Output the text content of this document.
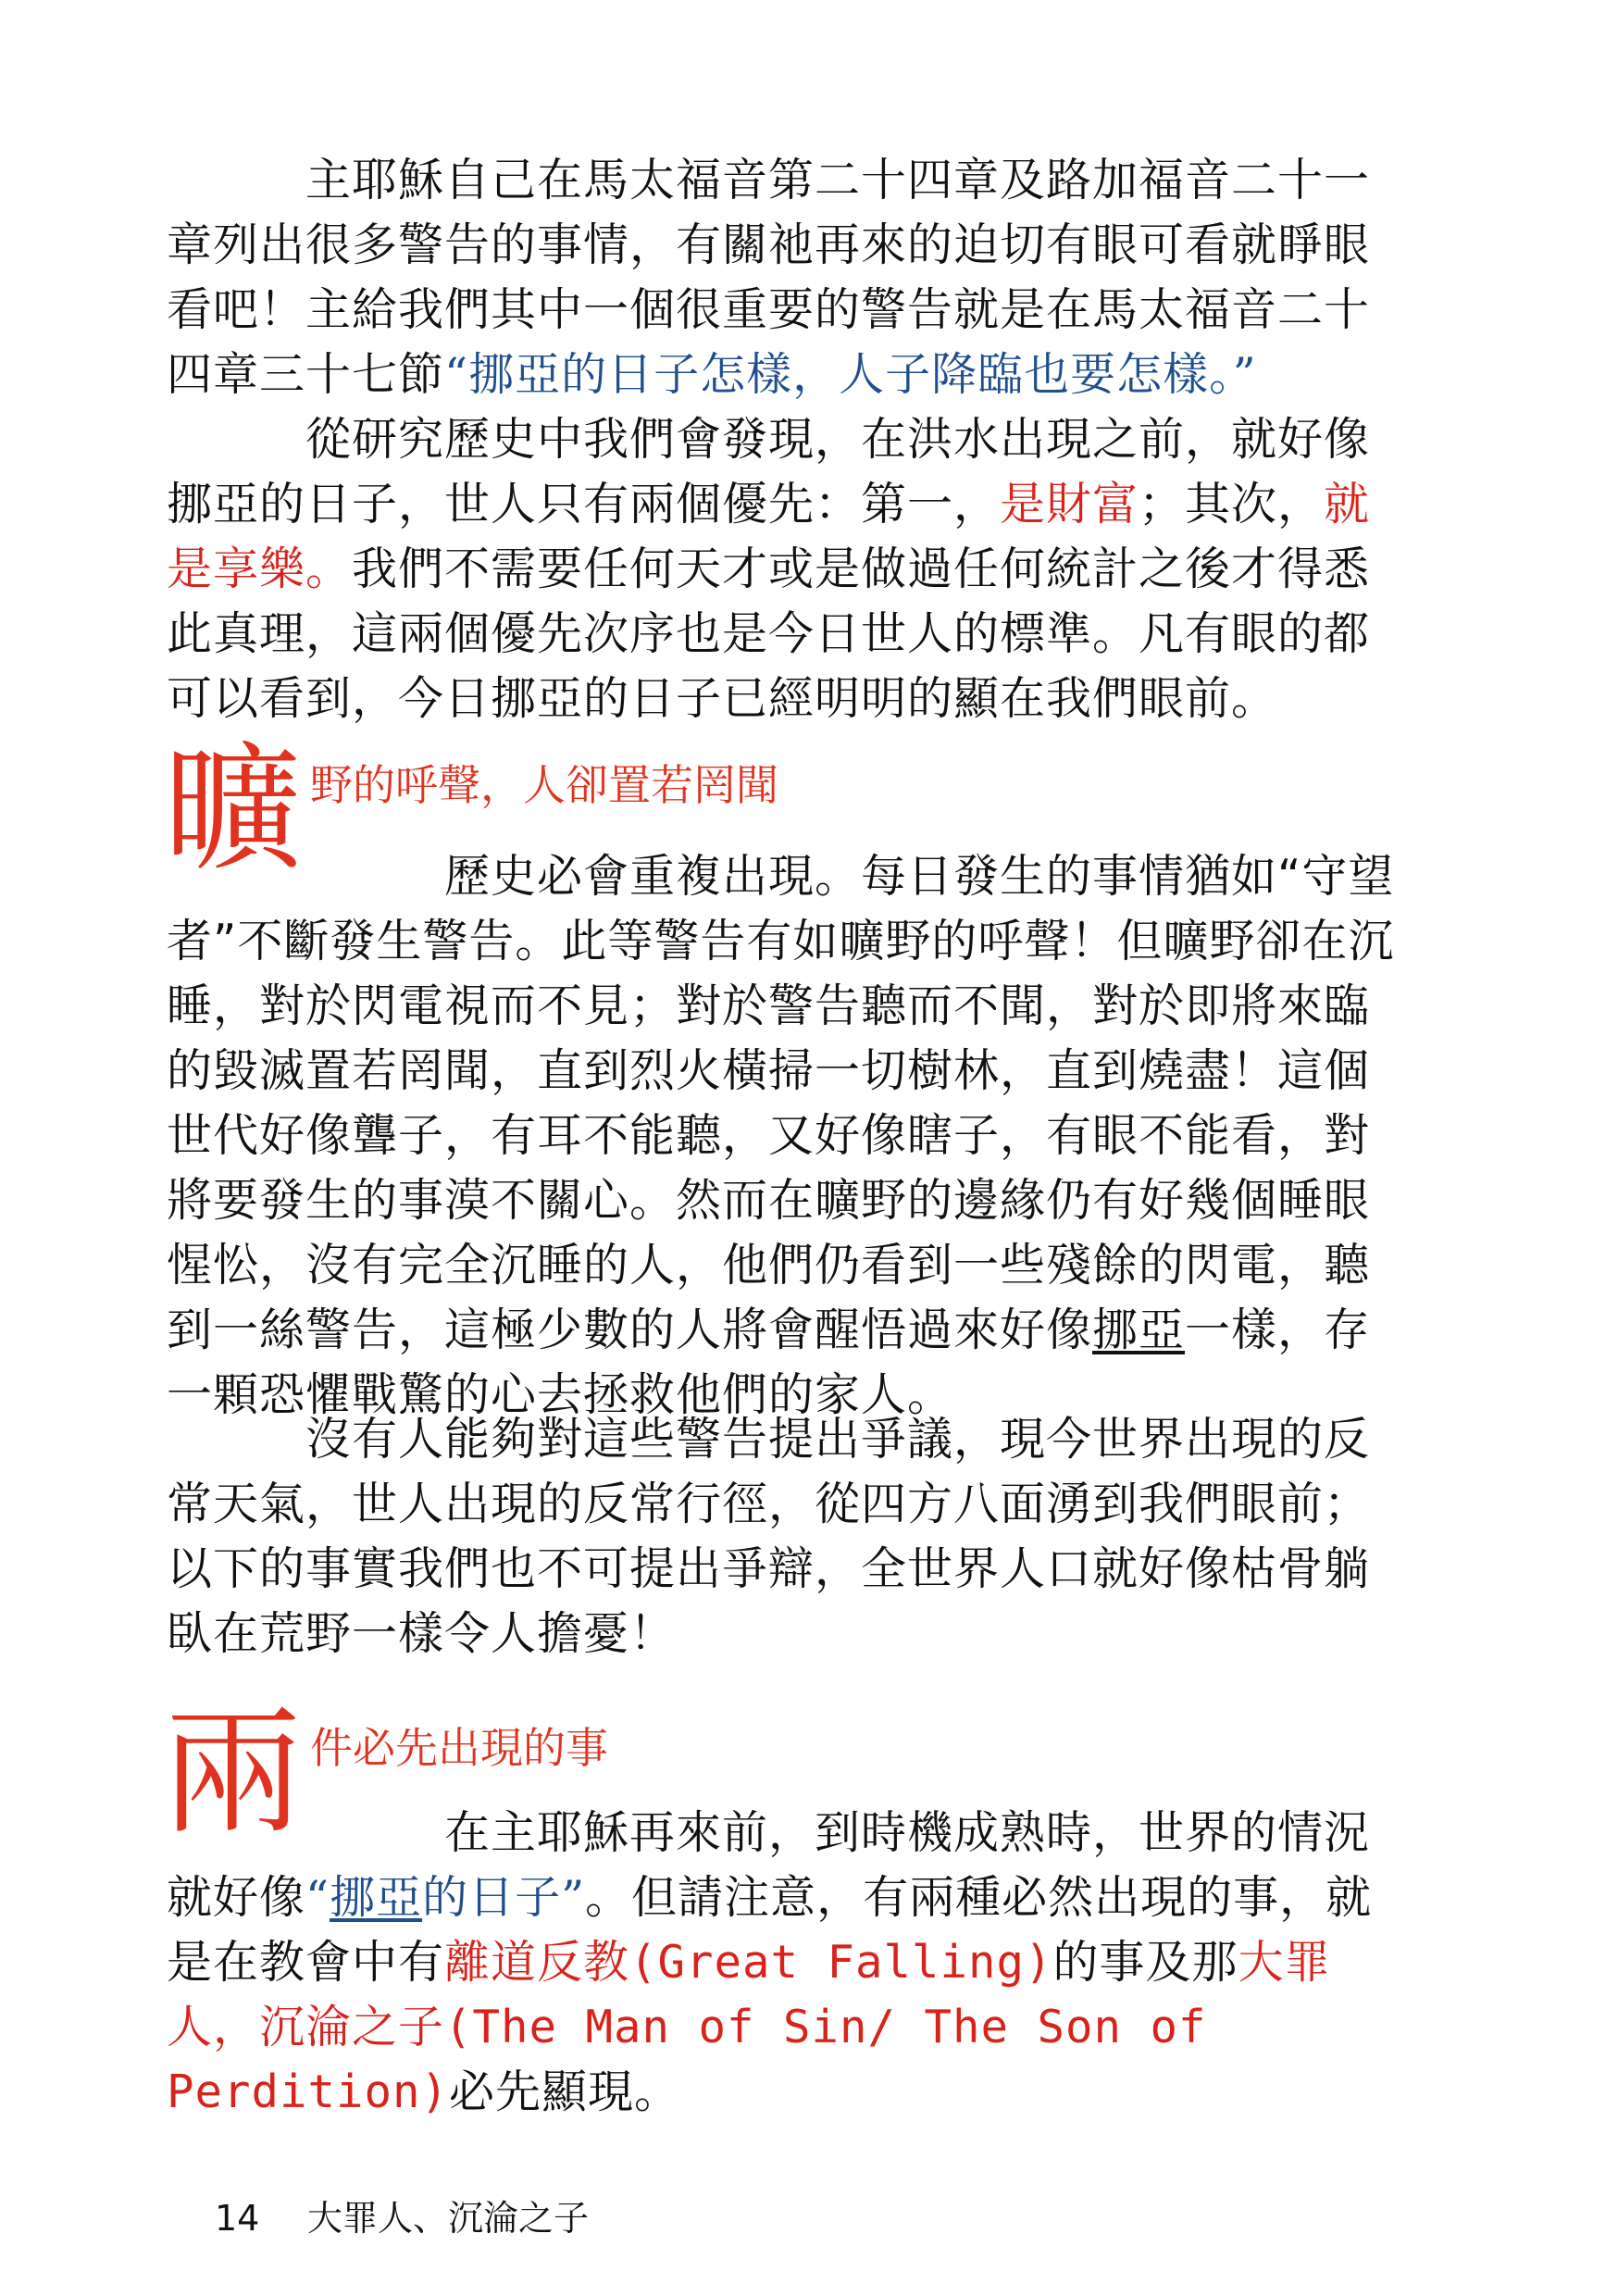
主耶穌自己在馬太福音第二十四章及路加福音二十一章列出很多警告的事情，有關祂再來的迫切有眼可看就睜眼看吧！主給我們其中一個很重要的警告就是在馬太福音二十四章三十七節“挪亞的日子怎樣，人子降臨也要怎樣。”

從研究歷史中我們會發現，在洪水出現之前，就好像挪亞的日子，世人只有兩個優先：第一，是財富；其次，就是享樂。我們不需要任何天才或是做過任何統計之後才得悉此真理，這兩個優先次序也是今日世人的標準。凡有眼的都可以看到，今日挪亞的日子已經明明的顯在我們眼前。

曠 野的呼聲，人卻置若罔聞

歷史必會重複出現。每日發生的事情猶如“守望者”不斷發生警告。此等警告有如曠野的呼聲！但曠野卻在沉睡，對於閃電視而不見；對於警告聽而不聞，對於即將來臨的毀滅置若罔聞，直到烈火橫掃一切樹林，直到燒盡！這個世代好像聾子，有耳不能聽，又好像瞎子，有眼不能看，對將要發生的事漠不關心。然而在曠野的邊緣仍有好幾個睡眼惺忪，沒有完全沉睡的人，他們仍看到一些殘餘的閃電，聽到一絲警告，這極少數的人將會醒悟過來好像挪亞一樣，存一顆恐懼戰驚的心去拯救他們的家人。

沒有人能夠對這些警告提出爭議，現今世界出現的反常天氣，世人出現的反常行徑，從四方八面湧到我們眼前；以下的事實我們也不可提出爭辯，全世界人口就好像枯骨躺臥在荒野一樣令人擔憂！

兩 件必先出現的事

在主耶穌再來前，到時機成熟時，世界的情況就好像“挪亞的日子”。但請注意，有兩種必然出現的事，就是在教會中有離道反教(Great Falling)的事及那大罪人，沉淪之子(The Man of Sin/ The Son of Perdition)必先顯現。

14 大罪人、沉淪之子
